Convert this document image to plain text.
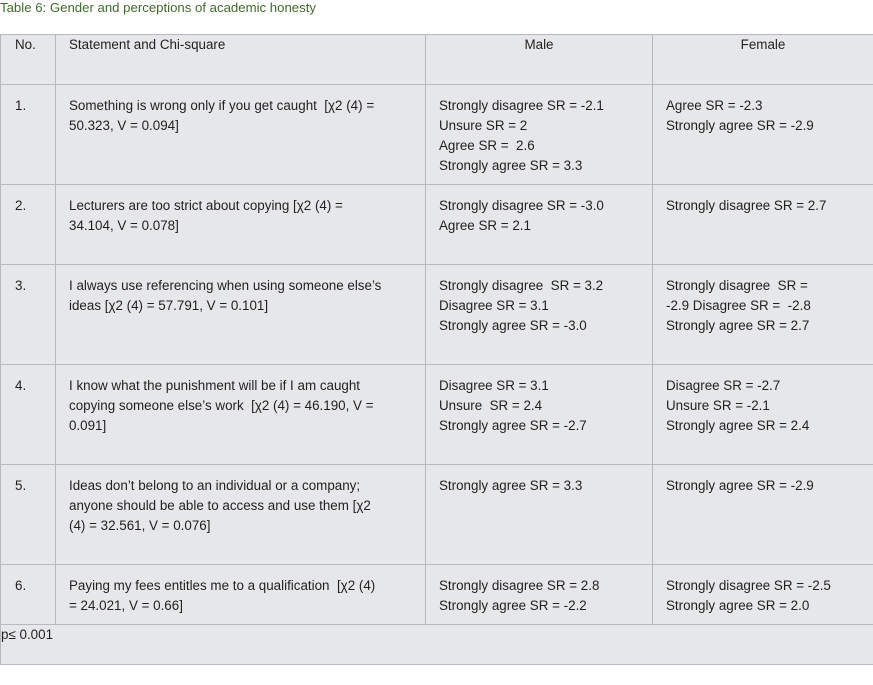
Table 6: Gender and perceptions of academic honesty
No.	Statement and Chi-square	Male	Female

1.	Something is wrong only if you get caught  [χ2 (4) =
50.323, V = 0.094]	Strongly disagree SR = -2.1
Unsure SR = 2
Agree SR =  2.6
Strongly agree SR = 3.3	Agree SR = -2.3
Strongly agree SR = -2.9

2.	Lecturers are too strict about copying [χ2 (4) =
34.104, V = 0.078]	Strongly disagree SR = -3.0
Agree SR = 2.1	Strongly disagree SR = 2.7

3.	I always use referencing when using someone else’s
ideas [χ2 (4) = 57.791, V = 0.101]	Strongly disagree  SR = 3.2
Disagree SR = 3.1
Strongly agree SR = -3.0	Strongly disagree  SR =
-2.9 Disagree SR =  -2.8
Strongly agree SR = 2.7

4.	I know what the punishment will be if I am caught
copying someone else’s work  [χ2 (4) = 46.190, V =
0.091]	Disagree SR = 3.1
Unsure  SR = 2.4
Strongly agree SR = -2.7	Disagree SR = -2.7
Unsure SR = -2.1
Strongly agree SR = 2.4

5.	Ideas don’t belong to an individual or a company;
anyone should be able to access and use them [χ2
(4) = 32.561, V = 0.076]	Strongly agree SR = 3.3	Strongly agree SR = -2.9

6.	Paying my fees entitles me to a qualification  [χ2 (4)
= 24.021, V = 0.66]	Strongly disagree SR = 2.8
Strongly agree SR = -2.2	Strongly disagree SR = -2.5
Strongly agree SR = 2.0

p≤ 0.001			
